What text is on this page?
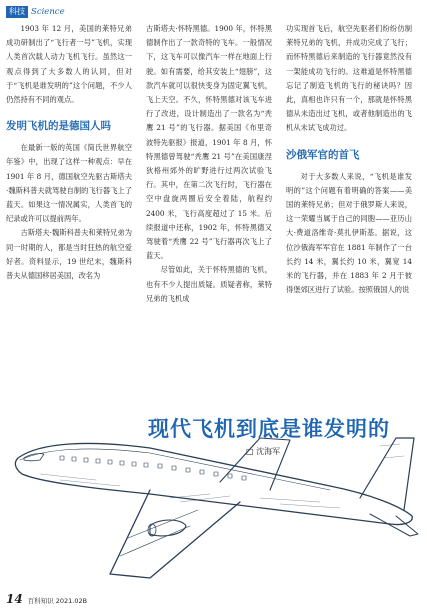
科技 Science

1903 年 12 月，美国的莱特兄弟成功研制出了“飞行者一号”飞机，实现人类首次载人动力飞机飞行。虽然这一观点得到了大多数人的认同，但对于“飞机是谁发明的”这个问题，不少人仍然持有不同的观点。

发明飞机的是德国人吗

在最新一版的英国《简氏世界航空年鉴》中，出现了这样一种观点：早在 1901 年 8 月，德国航空先驱古斯塔夫·魏斯科普夫就驾驶自制的飞行器飞上了蓝天。如果这一情况属实，人类首飞的纪录或许可以提前两年。

古斯塔夫·魏斯科普夫和莱特兄弟为同一时期的人，都是当时狂热的航空爱好者。资料显示，19 世纪末，魏斯科普夫从德国移居美国，改名为

古斯塔夫·怀特黑德。1900 年，怀特黑德制作出了一款奇特的飞车。一般情况下，这飞车可以像汽车一样在地面上行驶。如有需要，给其安装上“翅膀”，这款汽车就可以很快变身为固定翼飞机，飞上天空。不久，怀特黑德对该飞车进行了改进，设计制造出了一款名为“秃鹰 21 号”的飞行器。据美国《布里奇波特先驱报》报道，1901 年 8 月，怀特黑德曾驾驶“秃鹰 21 号”在美国康涅狄格州郊外的旷野进行过两次试验飞行。其中，在第二次飞行时，飞行器在空中盘旋两圈后安全着陆，航程约 2400 米，飞行高度超过了 15 米。后续报道中还称，1902 年，怀特黑德又驾驶着“秃鹰 22 号”飞行器再次飞上了蓝天。

尽管如此，关于怀特黑德的飞机，也有不少人提出质疑。质疑者称，莱特兄弟的飞机成

功实现首飞后，航空先驱者们纷纷仿制莱特兄弟的飞机，并成功完成了飞行；而怀特黑德后来制造的飞行器竟然没有一架能成功飞行的。这难道是怀特黑德忘记了制造飞机的飞行的秘诀吗？因此，真相也许只有一个，那就是怀特黑德从未造出过飞机，或者他制造出的飞机从未试飞成功过。

沙俄军官的首飞

对于大多数人来说，“飞机是谁发明的”这个问题有着明确的答案——美国的莱特兄弟；但对于俄罗斯人来说，这一荣耀当属于自己的同胞——亚历山大·费道洛维奇·莫扎伊斯基。据说，这位沙俄海军军官在 1881 年制作了一台长约 14 米，翼长约 10 米，翼宽 14 米的飞行器，并在 1883 年 2 月于彼得堡郊区进行了试验。按照俄国人的说

现代飞机到底是谁发明的
□ 沈海军
14 百科知识 2021.02B
